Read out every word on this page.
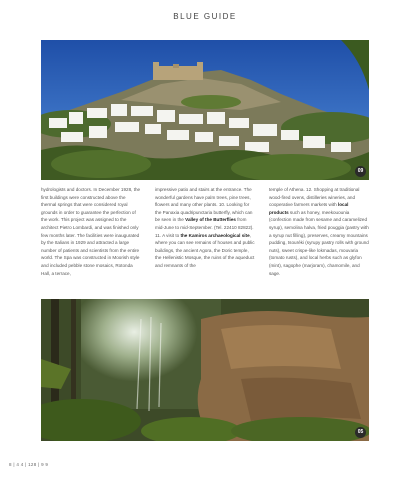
BLUE GUIDE
09

hydrologists and doctors. In December 1928, the first buildings were constructed above the thermal springs that were considered royal grounds in order to guarantee the perfection of the work. This project was assigned to the architect Pietro Lombardi, and was finished only few months later. The facilities were inaugurated by the Italians in 1929 and attracted a large number of patients and scientists from the entire world. The Spa was constructed in Moorish style and included pebble stone mosaics, Rotonda Hall, a terrace,

impressive patio and stairs at the entrance. The wonderful gardens have palm trees, pine trees, flowers and many other plants. 10. Looking for the Panaxia quadripunctaria butterfly, which can be seen in the Valley of the Butterflies from mid-June to mid-September. (Tel. 22410 82822). 11. A visit to the Kamiros archaeological site, where you can see remains of houses and public buildings, the ancient Agora, the Doric temple, the Hellenistic Mosque, the ruins of the aqueduct and remnants of the

temple of Athena. 12. Shopping at traditional wood-fired ovens, distilleries wineries, and cooperative farmers markets with local products such as honey, meekouounia (confection made from sesame and caramelized syrup), semolina halva, fried pouggia (pastry with a syrup nut filling), preserves, creamy mountains pudding, tsouréki (syrupy pastry rolls with ground nuts), sweet crispe-like lokmadas, mouvaria (tomato rusts), and local herbs such as glyfon (mint), sagophe (marjoram), chamomile, and sage.

05
8 | 4 4 | 128 | 9 9
